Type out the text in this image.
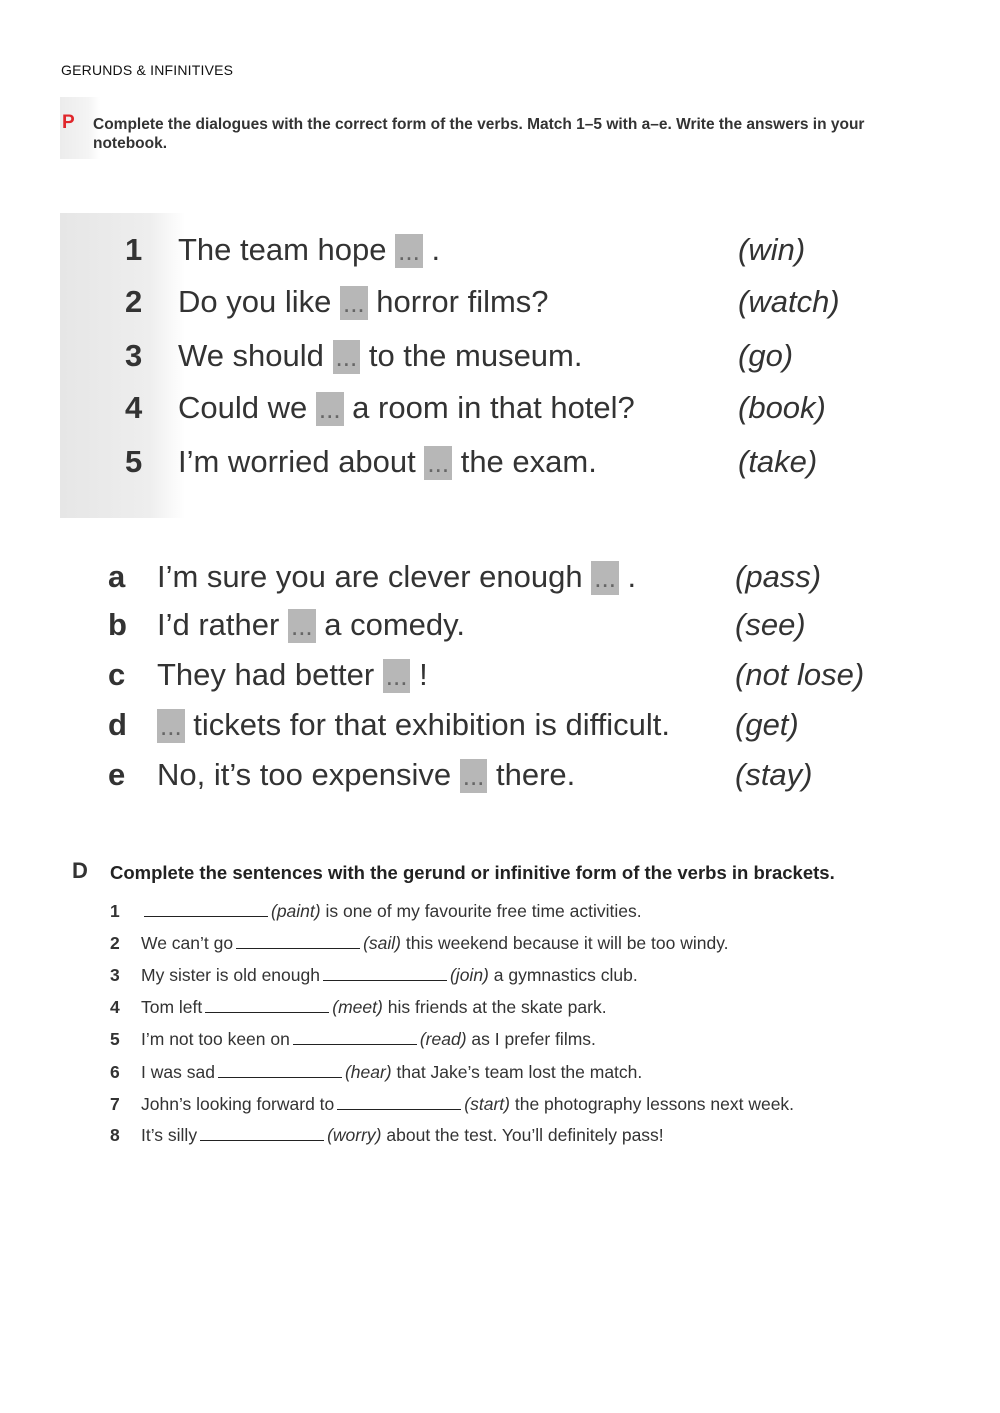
GERUNDS & INFINITIVES
P Complete the dialogues with the correct form of the verbs. Match 1–5 with a–e. Write the answers in your notebook.
1	The team hope ... .	(win)
2	Do you like ... horror films?	(watch)
3	We should ... to the museum.	(go)
4	Could we ... a room in that hotel?	(book)
5	I’m worried about ... the exam.	(take)
a	I’m sure you are clever enough ... .	(pass)
b I’d rather ... a comedy.	(see)
c	They had better ... !	(not lose)
d	... tickets for that exhibition is difficult. (get)
e	No, it’s too expensive ... there.	(stay)
D Complete the sentences with the gerund or infinitive form of the verbs in brackets.
1	(paint) is one of my favourite free time activities.
2 We can’t go	(sail) this weekend because it will be too windy.
3 My sister is old enough	(join) a gymnastics club.
4 Tom left	(meet) his friends at the skate park.
5 I’m not too keen on	(read) as I prefer films.
6 I was sad	(hear) that Jake’s team lost the match.
7 John’s looking forward to	(start) the photography lessons next week.
8 It’s silly	(worry) about the test. You’ll definitely pass!
